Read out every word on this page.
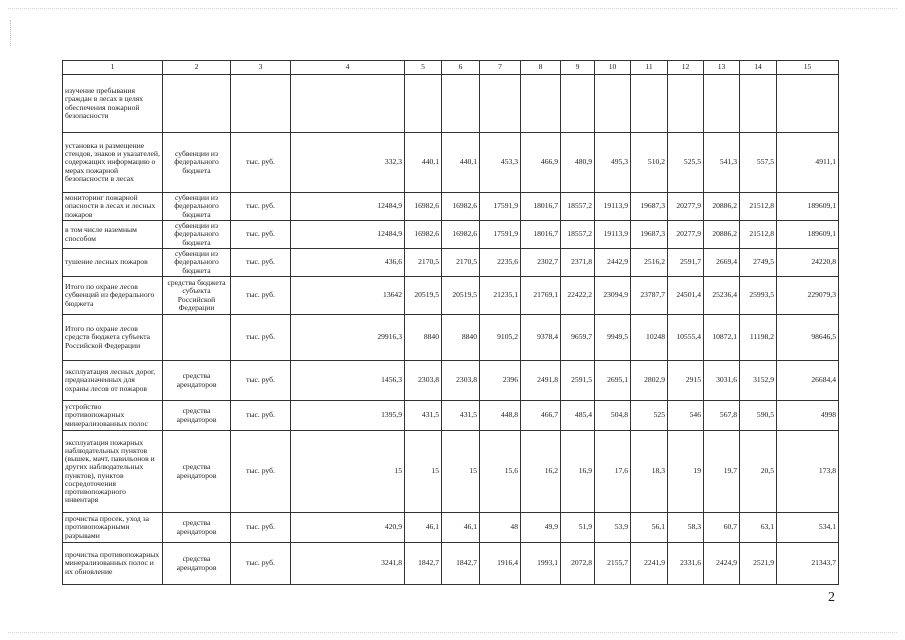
1	2	3	4	5	6	7	8	9	10	11	12	13	14	15
изучение пребывания граждан в лесах в целях обеспечения пожарной безопасности														
установка и размещение стендов, знаков и указателей, содержащих информацию о мерах пожарной безопасности в лесах	субвенции из федерального бюджета	тыс. руб.	332,3	440,1	440,1	453,3	466,9	480,9	495,3	510,2	525,5	541,3	557,5	4911,1
мониторинг пожарной опасности в лесах и лесных пожаров	субвенции из федерального бюджета	тыс. руб.	12484,9	16982,6	16982,6	17591,9	18016,7	18557,2	19113,9	19687,3	20277,9	20886,2	21512,8	189609,1
в том числе наземным способом	субвенции из федерального бюджета	тыс. руб.	12484,9	16982,6	16982,6	17591,9	18016,7	18557,2	19113,9	19687,3	20277,9	20886,2	21512,8	189609,1
тушение лесных пожаров	субвенции из федерального бюджета	тыс. руб.	436,6	2170,5	2170,5	2235,6	2302,7	2371,8	2442,9	2516,2	2591,7	2669,4	2749,5	24220,8
Итого по охране лесов субвенций из федерального бюджета	средства бюджета субъекта Российской Федерации	тыс. руб.	13642	20519,5	20519,5	21235,1	21769,1	22422,2	23094,9	23787,7	24501,4	25236,4	25993,5	229079,3
Итого по охране лесов средств бюджета субъекта Российской Федерации		тыс. руб.	29916,3	8840	8840	9105,2	9378,4	9659,7	9949,5	10248	10555,4	10872,1	11198,2	98646,5
эксплуатация лесных дорог, предназначенных для охраны лесов от пожаров	средства арендаторов	тыс. руб.	1456,3	2303,8	2303,8	2396	2491,8	2591,5	2695,1	2802,9	2915	3031,6	3152,9	26684,4
устройство противопожарных минерализованных полос	средства арендаторов	тыс. руб.	1395,9	431,5	431,5	448,8	466,7	485,4	504,8	525	546	567,8	590,5	4998
эксплуатация пожарных наблюдательных пунктов (вышек, мачт, павильонов и других наблюдательных пунктов), пунктов сосредоточения противопожарного инвентаря	средства арендаторов	тыс. руб.	15	15	15	15,6	16,2	16,9	17,6	18,3	19	19,7	20,5	173,8
прочистка просек, уход за противопожарными разрывами	средства арендаторов	тыс. руб.	420,9	46,1	46,1	48	49,9	51,9	53,9	56,1	58,3	60,7	63,1	534,1
прочистка противопожарных минерализованных полос и их обновление	средства арендаторов	тыс. руб.	3241,8	1842,7	1842,7	1916,4	1993,1	2072,8	2155,7	2241,9	2331,6	2424,9	2521,9	21343,7
2
